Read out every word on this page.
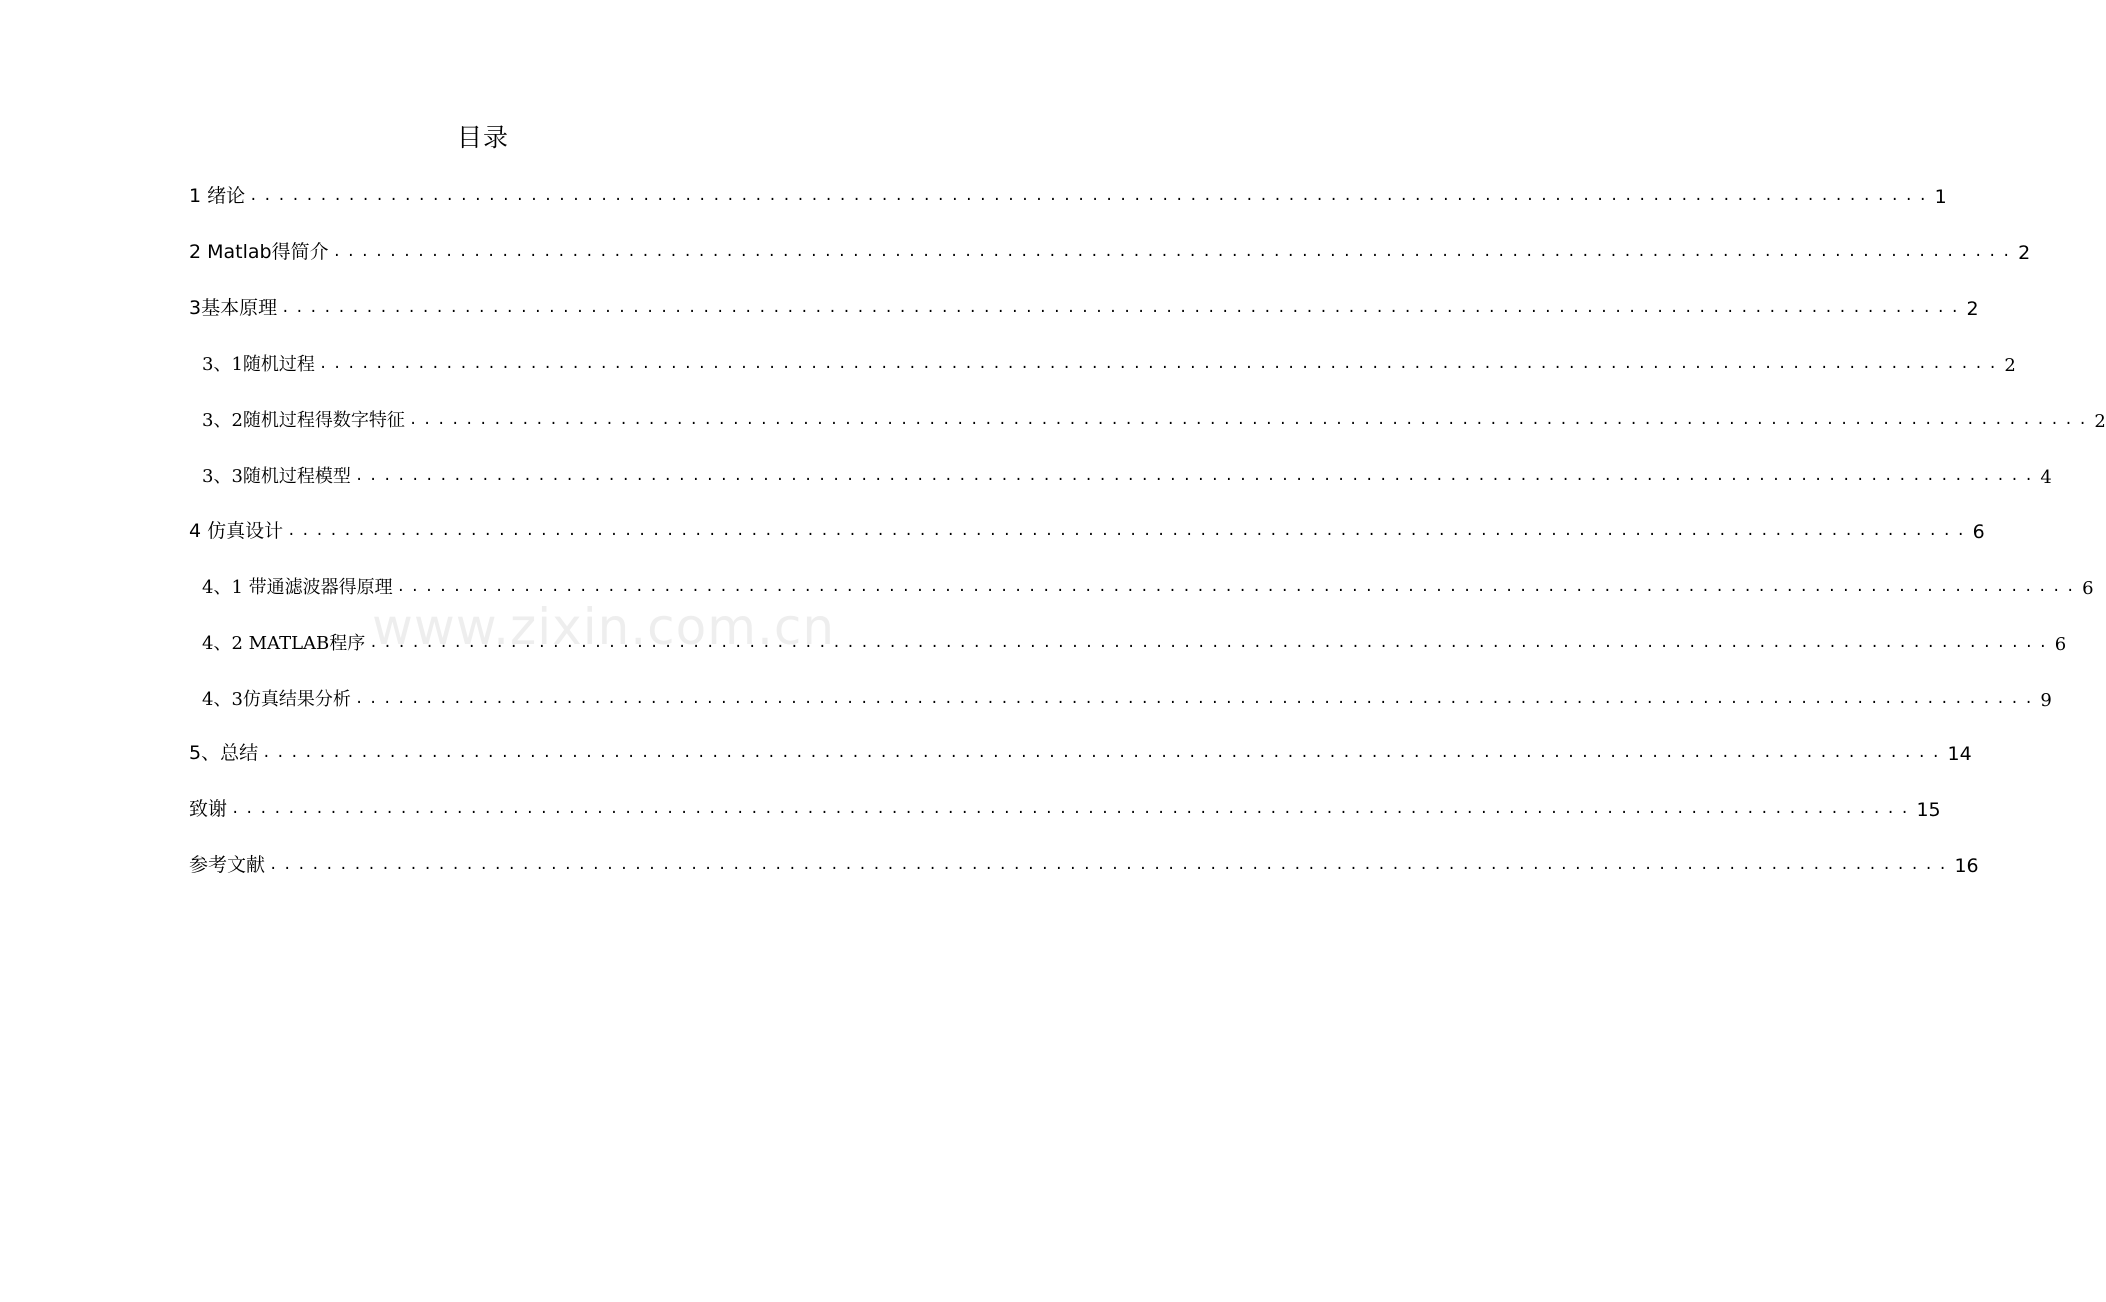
目录
www.zixin.com.cn
1 绪论 ........................................................................................................................ 1
2 Matlab得简介 ........................................................................................................................ 2
3基本原理 ........................................................................................................................ 2
3、1随机过程 ........................................................................................................................ 2
3、2随机过程得数字特征 ........................................................................................................................ 2
3、3随机过程模型 ........................................................................................................................ 4
4 仿真设计 ........................................................................................................................ 6
4、1 带通滤波器得原理 ........................................................................................................................ 6
4、2 MATLAB程序 ........................................................................................................................ 6
4、3仿真结果分析 ........................................................................................................................ 9
5、总结 ........................................................................................................................ 14
致谢 ........................................................................................................................ 15
参考文献 ........................................................................................................................ 16
